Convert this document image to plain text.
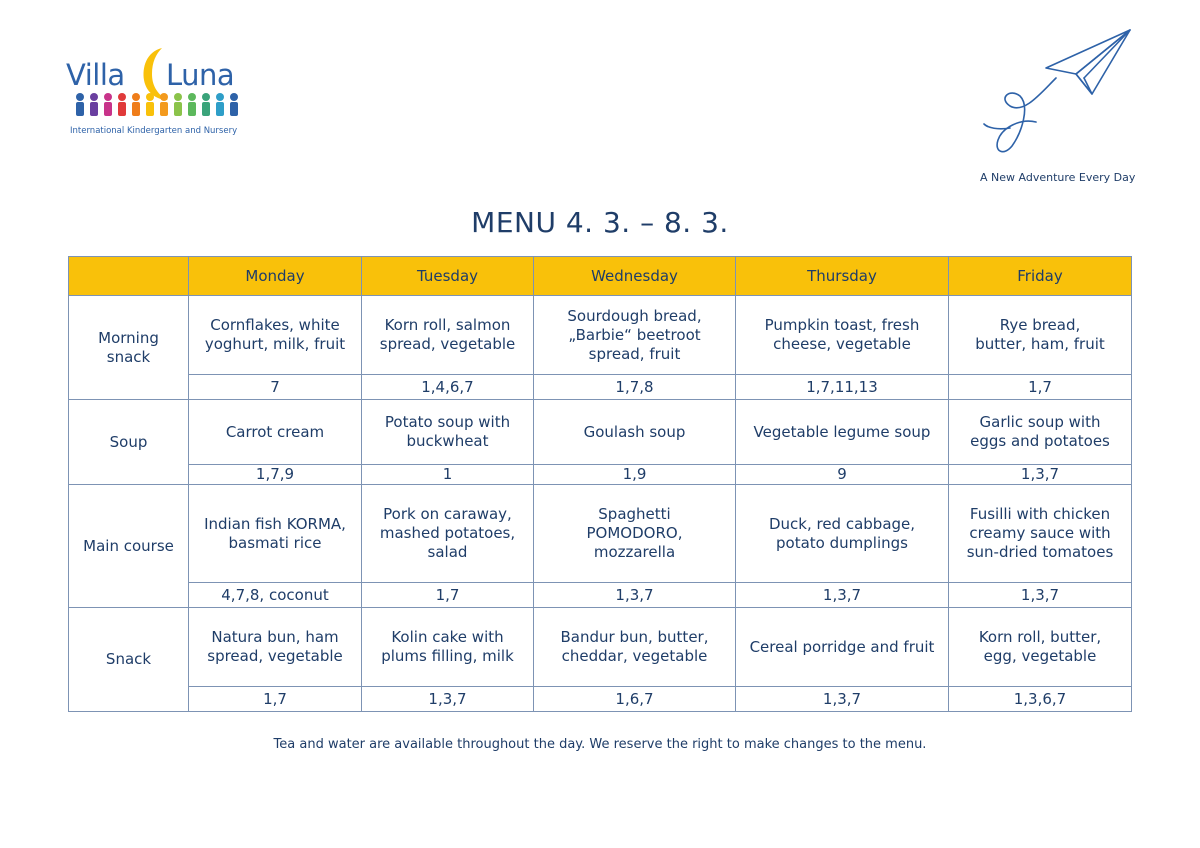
Villa Luna
International Kindergarten and Nursery
A New Adventure Every Day
MENU 4. 3. – 8. 3.
	Monday	Tuesday	Wednesday	Thursday	Friday
Morning snack	Cornflakes, white yoghurt, milk, fruit	Korn roll, salmon spread, vegetable	Sourdough bread, „Barbie“ beetroot spread, fruit	Pumpkin toast, fresh cheese, vegetable	Rye bread, butter, ham, fruit
	7	1,4,6,7	1,7,8	1,7,11,13	1,7
Soup	Carrot cream	Potato soup with buckwheat	Goulash soup	Vegetable legume soup	Garlic soup with eggs and potatoes
	1,7,9	1	1,9	9	1,3,7
Main course	Indian fish KORMA, basmati rice	Pork on caraway, mashed potatoes, salad	Spaghetti POMODORO, mozzarella	Duck, red cabbage, potato dumplings	Fusilli with chicken creamy sauce with sun-dried tomatoes
	4,7,8, coconut	1,7	1,3,7	1,3,7	1,3,7
Snack	Natura bun, ham spread, vegetable	Kolin cake with plums filling, milk	Bandur bun, butter, cheddar, vegetable	Cereal porridge and fruit	Korn roll, butter, egg, vegetable
	1,7	1,3,7	1,6,7	1,3,7	1,3,6,7
Tea and water are available throughout the day. We reserve the right to make changes to the menu.
